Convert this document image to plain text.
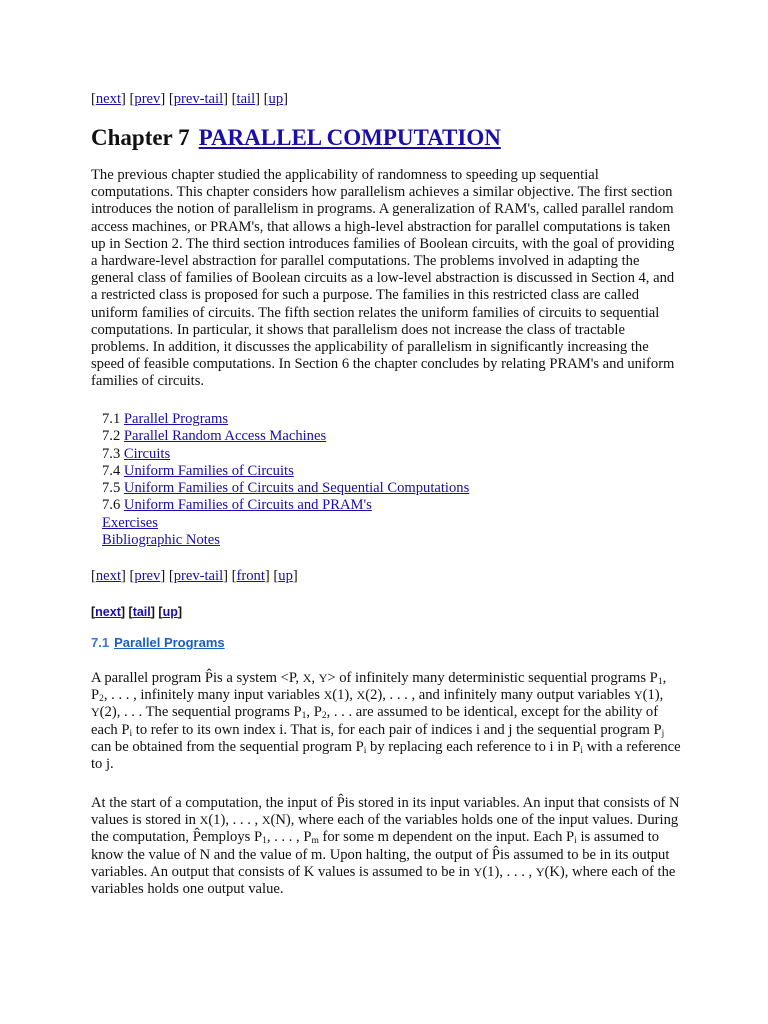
[next] [prev] [prev-tail] [tail] [up]
Chapter 7 PARALLEL COMPUTATION

The previous chapter studied the applicability of randomness to speeding up sequential computations. This chapter considers how parallelism achieves a similar objective. The first section introduces the notion of parallelism in programs. A generalization of RAM's, called parallel random access machines, or PRAM's, that allows a high-level abstraction for parallel computations is taken up in Section 2. The third section introduces families of Boolean circuits, with the goal of providing a hardware-level abstraction for parallel computations. The problems involved in adapting the general class of families of Boolean circuits as a low-level abstraction is discussed in Section 4, and a restricted class is proposed for such a purpose. The families in this restricted class are called uniform families of circuits. The fifth section relates the uniform families of circuits to sequential computations. In particular, it shows that parallelism does not increase the class of tractable problems. In addition, it discusses the applicability of parallelism in significantly increasing the speed of feasible computations. In Section 6 the chapter concludes by relating PRAM's and uniform families of circuits.

7.1 Parallel Programs
7.2 Parallel Random Access Machines
7.3 Circuits
7.4 Uniform Families of Circuits
7.5 Uniform Families of Circuits and Sequential Computations
7.6 Uniform Families of Circuits and PRAM's
Exercises
Bibliographic Notes
[next] [prev] [prev-tail] [front] [up]
[next] [tail] [up]
7.1 Parallel Programs

A parallel program P̂is a system <P, X, Y> of infinitely many deterministic sequential programs $P_1$, $P_2$, . . . , infinitely many input variables X(1), X(2), . . . , and infinitely many output variables Y(1), Y(2), . . . The sequential programs $P_1$, $P_2$, . . . are assumed to be identical, except for the ability of each $P_i$ to refer to its own index i. That is, for each pair of indices i and j the sequential program $P_j$ can be obtained from the sequential program $P_i$ by replacing each reference to i in $P_i$ with a reference to j.

At the start of a computation, the input of P̂is stored in its input variables. An input that consists of N values is stored in X(1), . . . , X(N), where each of the variables holds one of the input values. During the computation, P̂employs $P_1$, . . . , $P_m$ for some m dependent on the input. Each $P_i$ is assumed to know the value of N and the value of m. Upon halting, the output of P̂is assumed to be in its output variables. An output that consists of K values is assumed to be in Y(1), . . . , Y(K), where each of the variables holds one output value.
